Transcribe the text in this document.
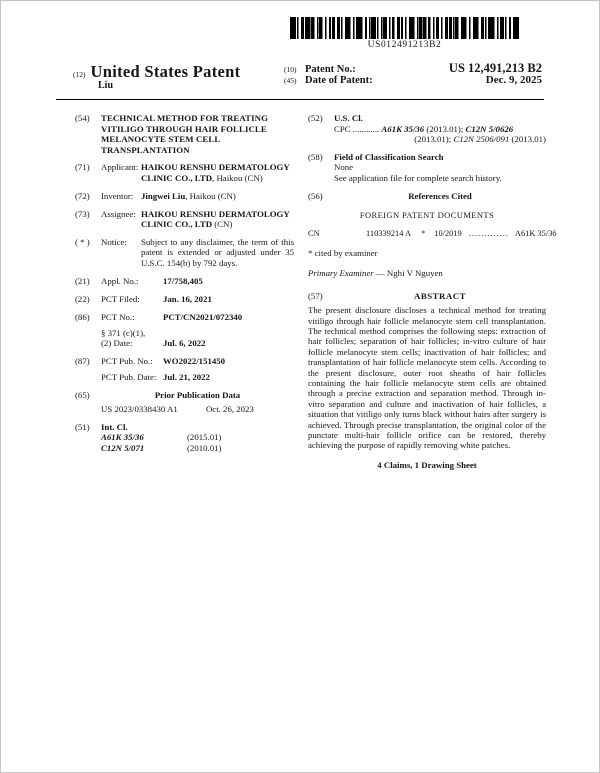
US012491213B2
(12) United States Patent
Liu
(10) Patent No.:	US 12,491,213 B2
(45) Date of Patent:	Dec. 9, 2025
(54)	TECHNICAL METHOD FOR TREATING VITILIGO THROUGH HAIR FOLLICLE MELANOCYTE STEM CELL TRANSPLANTATION
(71)	Applicant: HAIKOU RENSHU DERMATOLOGY CLINIC CO., LTD, Haikou (CN)
(72)	Inventor: Jingwei Liu, Haikou (CN)
(73)	Assignee: HAIKOU RENSHU DERMATOLOGY CLINIC CO., LTD (CN)
( * )	Notice:	Subject to any disclaimer, the term of this patent is extended or adjusted under 35 U.S.C. 154(b) by 792 days.
(21)	Appl. No.:	17/758,405
(22)	PCT Filed:	Jan. 16, 2021
(86)	PCT No.:	PCT/CN2021/072340
§ 371 (c)(1),
(2) Date:	Jul. 6, 2022
(87)	PCT Pub. No.:	WO2022/151450
PCT Pub. Date: Jul. 21, 2022
(65)	Prior Publication Data
US 2023/0338430 A1	Oct. 26, 2023
(51)	Int. Cl.
A61K 35/36	(2015.01)
C12N 5/071	(2010.01)
(52)	U.S. Cl.
CPC ............ A61K 35/36 (2013.01); C12N 5/0626
(2013.01); C12N 2506/091 (2013.01)
(58)	Field of Classification Search
None
See application file for complete search history.
(56)	References Cited
FOREIGN PATENT DOCUMENTS
CN	110339214 A * 10/2019 ............. A61K 35/36
* cited by examiner
Primary Examiner — Nghi V Nguyen
(57)	ABSTRACT
The present disclosure discloses a technical method for treating vitiligo through hair follicle melanocyte stem cell transplantation. The technical method comprises the following steps: extraction of hair follicles; separation of hair follicles; in-vitro culture of hair follicle melanocyte stem cells; inactivation of hair follicles; and transplantation of hair follicle melanocyte stem cells. According to the present disclosure, outer root sheaths of hair follicles containing the hair follicle melanocyte stem cells are obtained through a precise extraction and separation method. Through in-vitro separation and culture and inactivation of hair follicles, a situation that vitiligo only turns black without hairs after surgery is achieved. Through precise transplantation, the original color of the punctate multi-hair follicle orifice can be restored, thereby achieving the purpose of rapidly removing white patches.
4 Claims, 1 Drawing Sheet
